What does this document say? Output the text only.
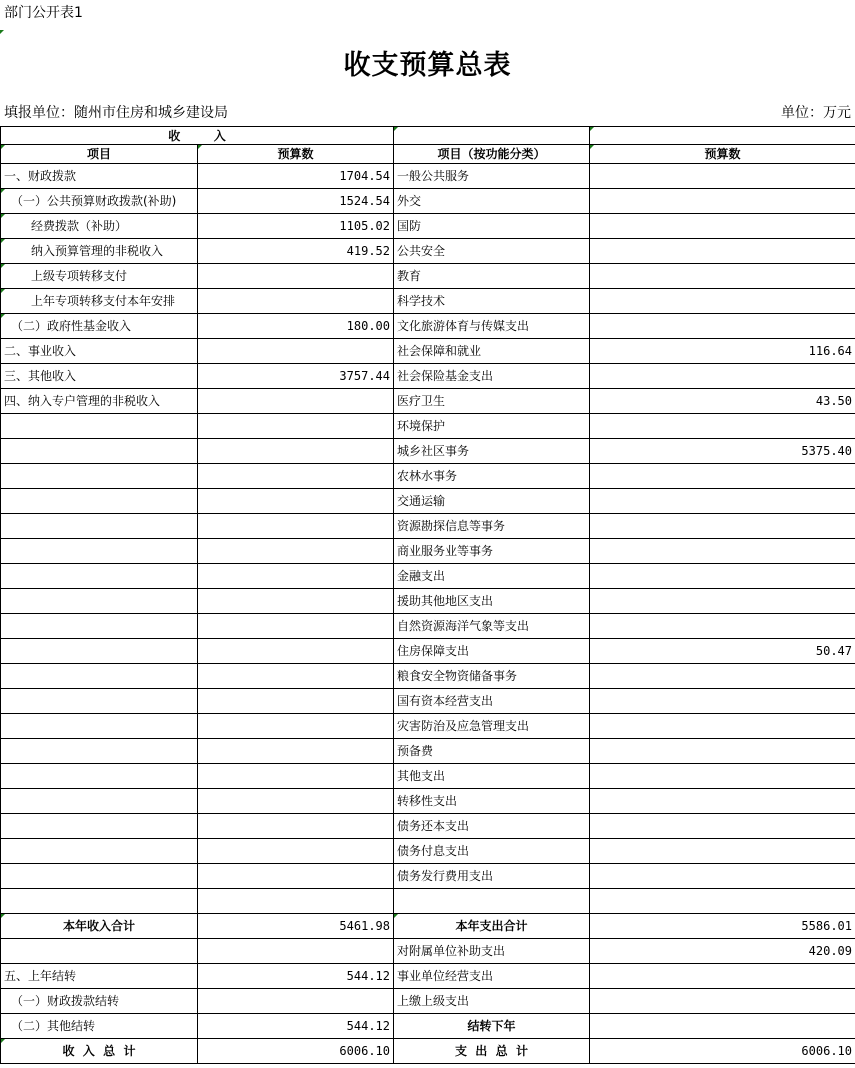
部门公开表1
收支预算总表
填报单位：随州市住房和城乡建设局	单位：万元
收        入		

项目	预算数	项目（按功能分类）	预算数
一、财政拨款	1704.54	一般公共服务	

（一）公共预算财政拨款(补助)	1524.54	外交	

经费拨款（补助）	1105.02	国防	

纳入预算管理的非税收入	419.52	公共安全	

上级专项转移支付		教育	

上年专项转移支付本年安排		科学技术	

（二）政府性基金收入	180.00	文化旅游体育与传媒支出	
二、事业收入		社会保障和就业	116.64
三、其他收入	3757.44	社会保险基金支出	
四、纳入专户管理的非税收入		医疗卫生	43.50
		环境保护	
		城乡社区事务	5375.40
		农林水事务	
		交通运输	
		资源勘探信息等事务	
		商业服务业等事务	
		金融支出	
		援助其他地区支出	
		自然资源海洋气象等支出	
		住房保障支出	50.47
		粮食安全物资储备事务	
		国有资本经营支出	
		灾害防治及应急管理支出	
		预备费	
		其他支出	
		转移性支出	
		债务还本支出	
		债务付息支出	
		债务发行费用支出	

本年收入合计	5461.98	本年支出合计	5586.01
		对附属单位补助支出	420.09
五、上年结转	544.12	事业单位经营支出	
（一）财政拨款结转		上缴上级支出	
（二）其他结转	544.12	结转下年	

收  入  总  计	6006.10	支  出  总  计	6006.10
